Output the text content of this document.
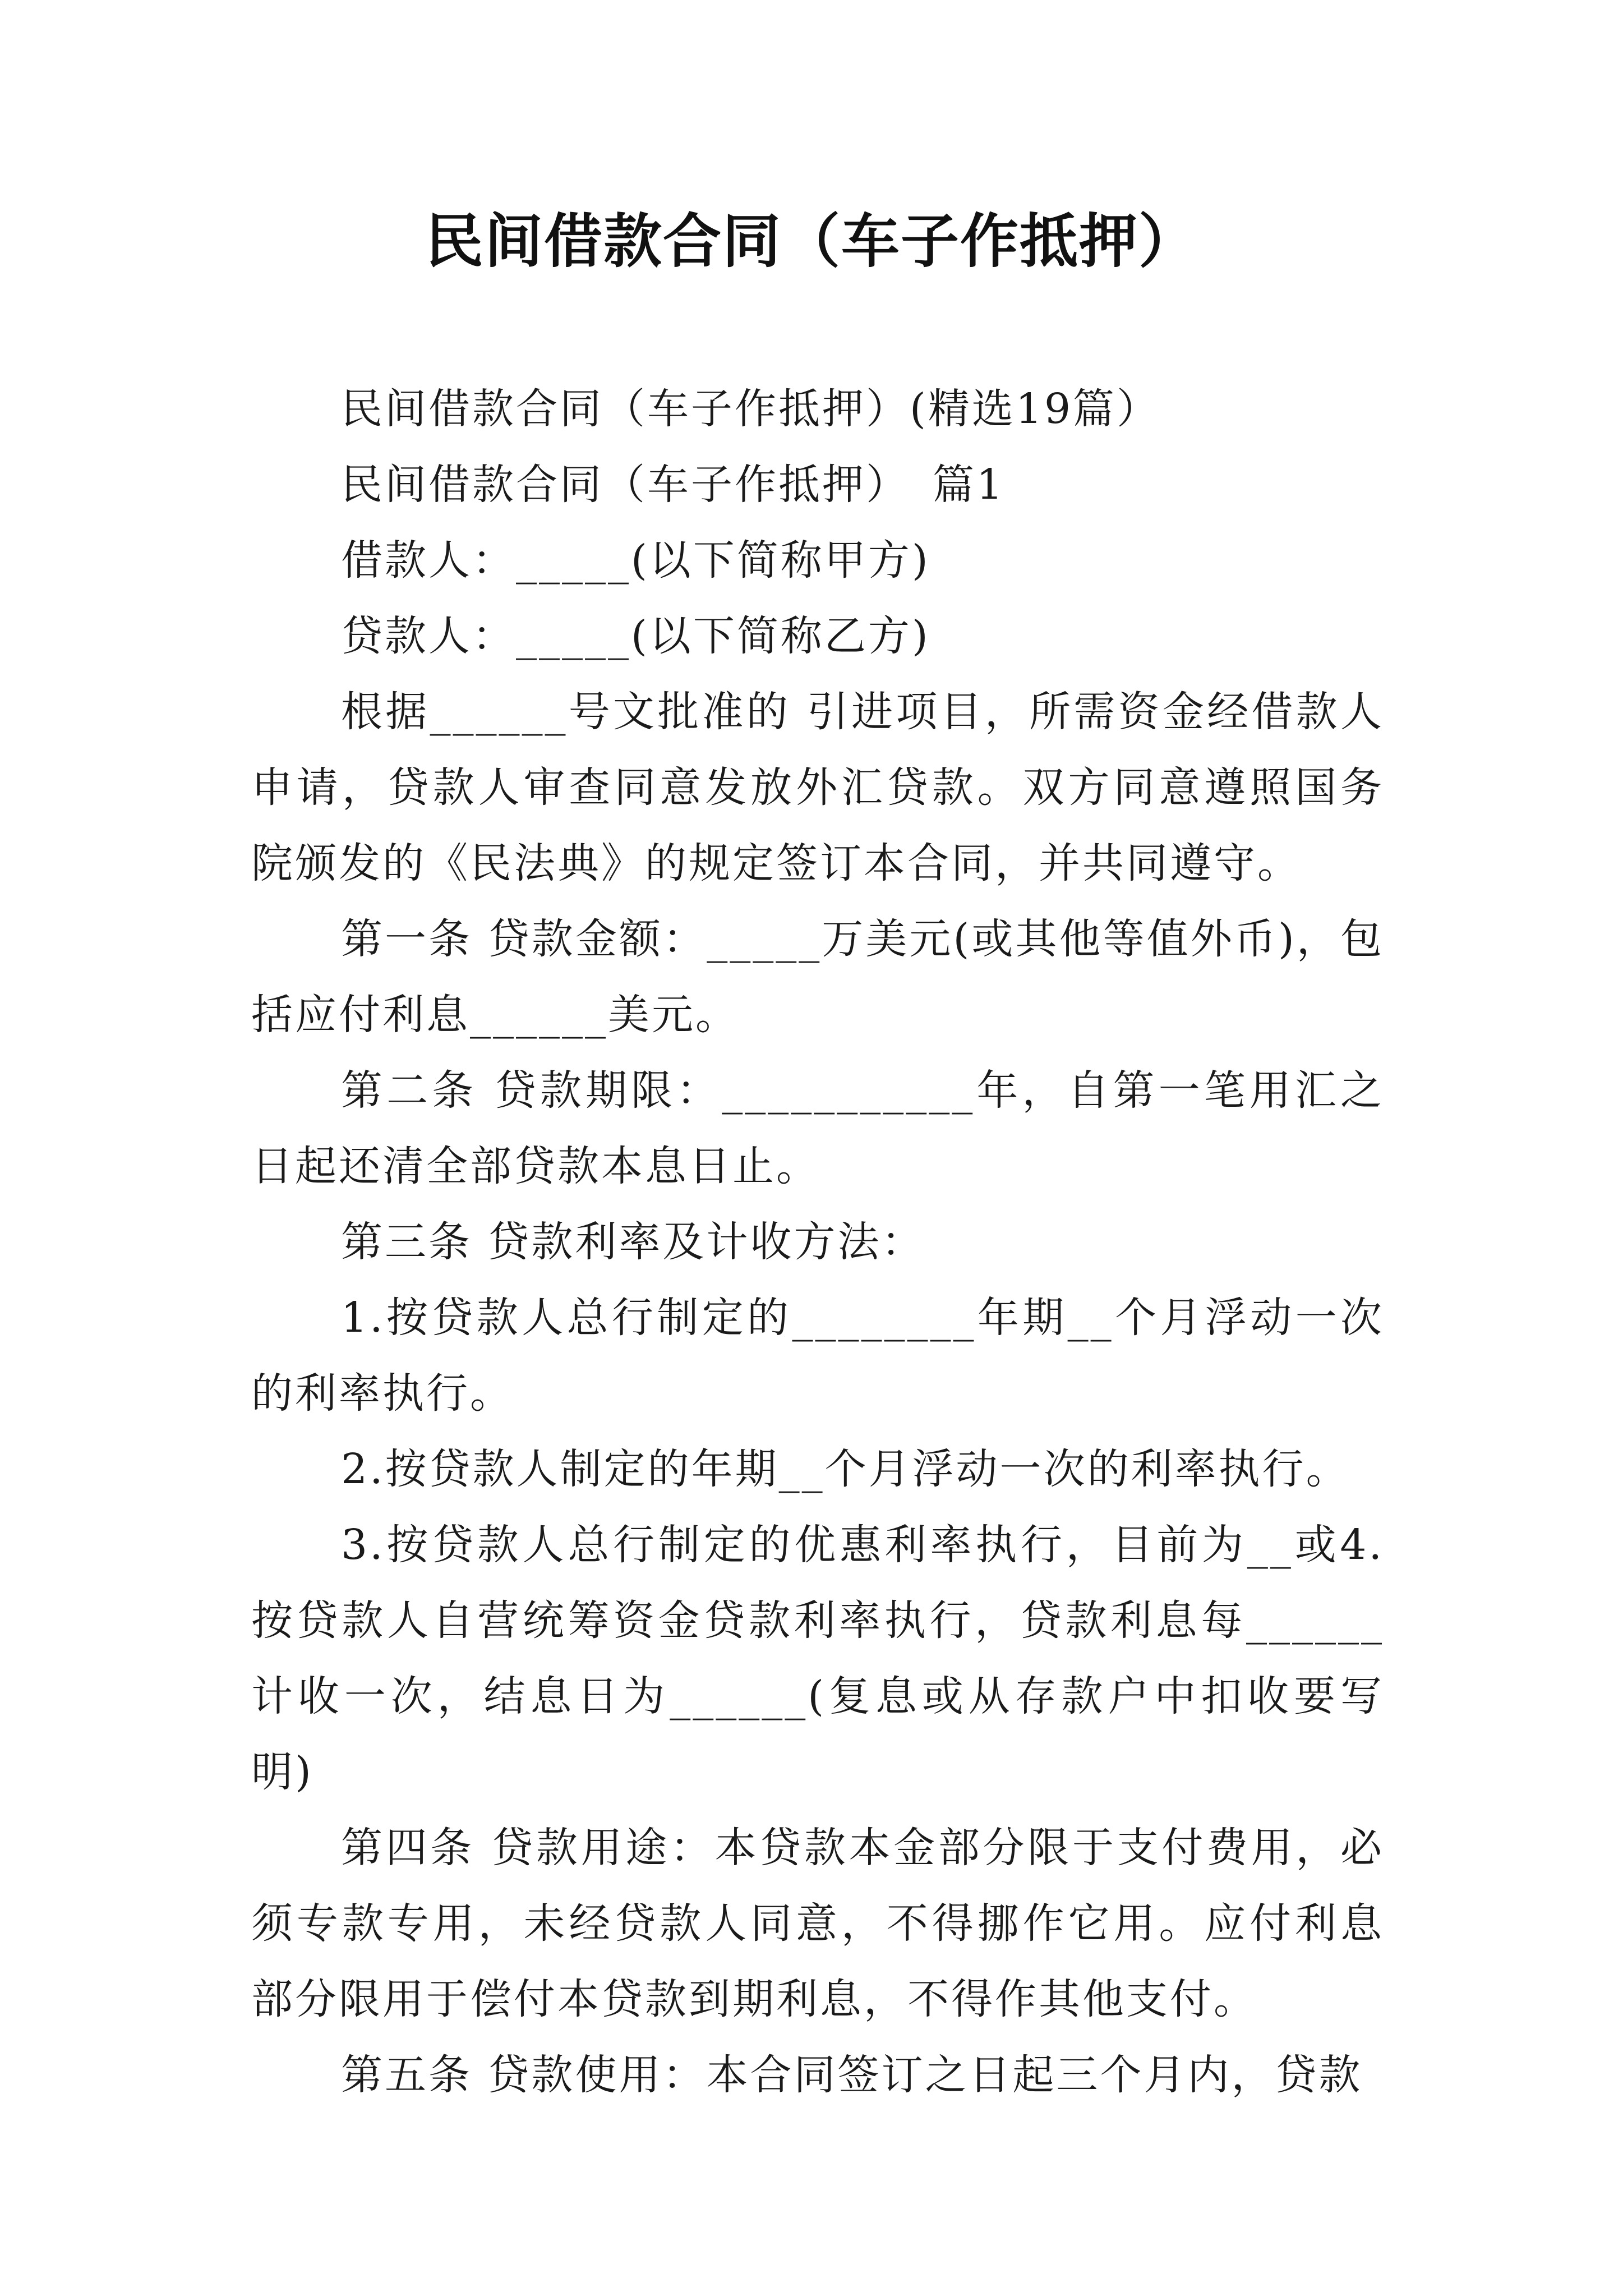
民间借款合同（车子作抵押）

民间借款合同（车子作抵押）(精选19篇）

民间借款合同（车子作抵押）　篇1

借款人：_____(以下简称甲方)

贷款人：_____(以下简称乙方)

根据______号文批准的 引进项目，所需资金经借款人申请，贷款人审查同意发放外汇贷款。双方同意遵照国务院颁发的《民法典》的规定签订本合同，并共同遵守。

第一条 贷款金额：_____万美元(或其他等值外币)，包括应付利息______美元。

第二条 贷款期限：___________年，自第一笔用汇之日起还清全部贷款本息日止。

第三条 贷款利率及计收方法：

1.按贷款人总行制定的________年期__个月浮动一次的利率执行。

2.按贷款人制定的年期__个月浮动一次的利率执行。

3.按贷款人总行制定的优惠利率执行，目前为__或4.按贷款人自营统筹资金贷款利率执行，贷款利息每______计收一次，结息日为______(复息或从存款户中扣收要写明)

第四条 贷款用途：本贷款本金部分限于支付费用，必须专款专用，未经贷款人同意，不得挪作它用。应付利息部分限用于偿付本贷款到期利息，不得作其他支付。

第五条 贷款使用：本合同签订之日起三个月内，贷款
